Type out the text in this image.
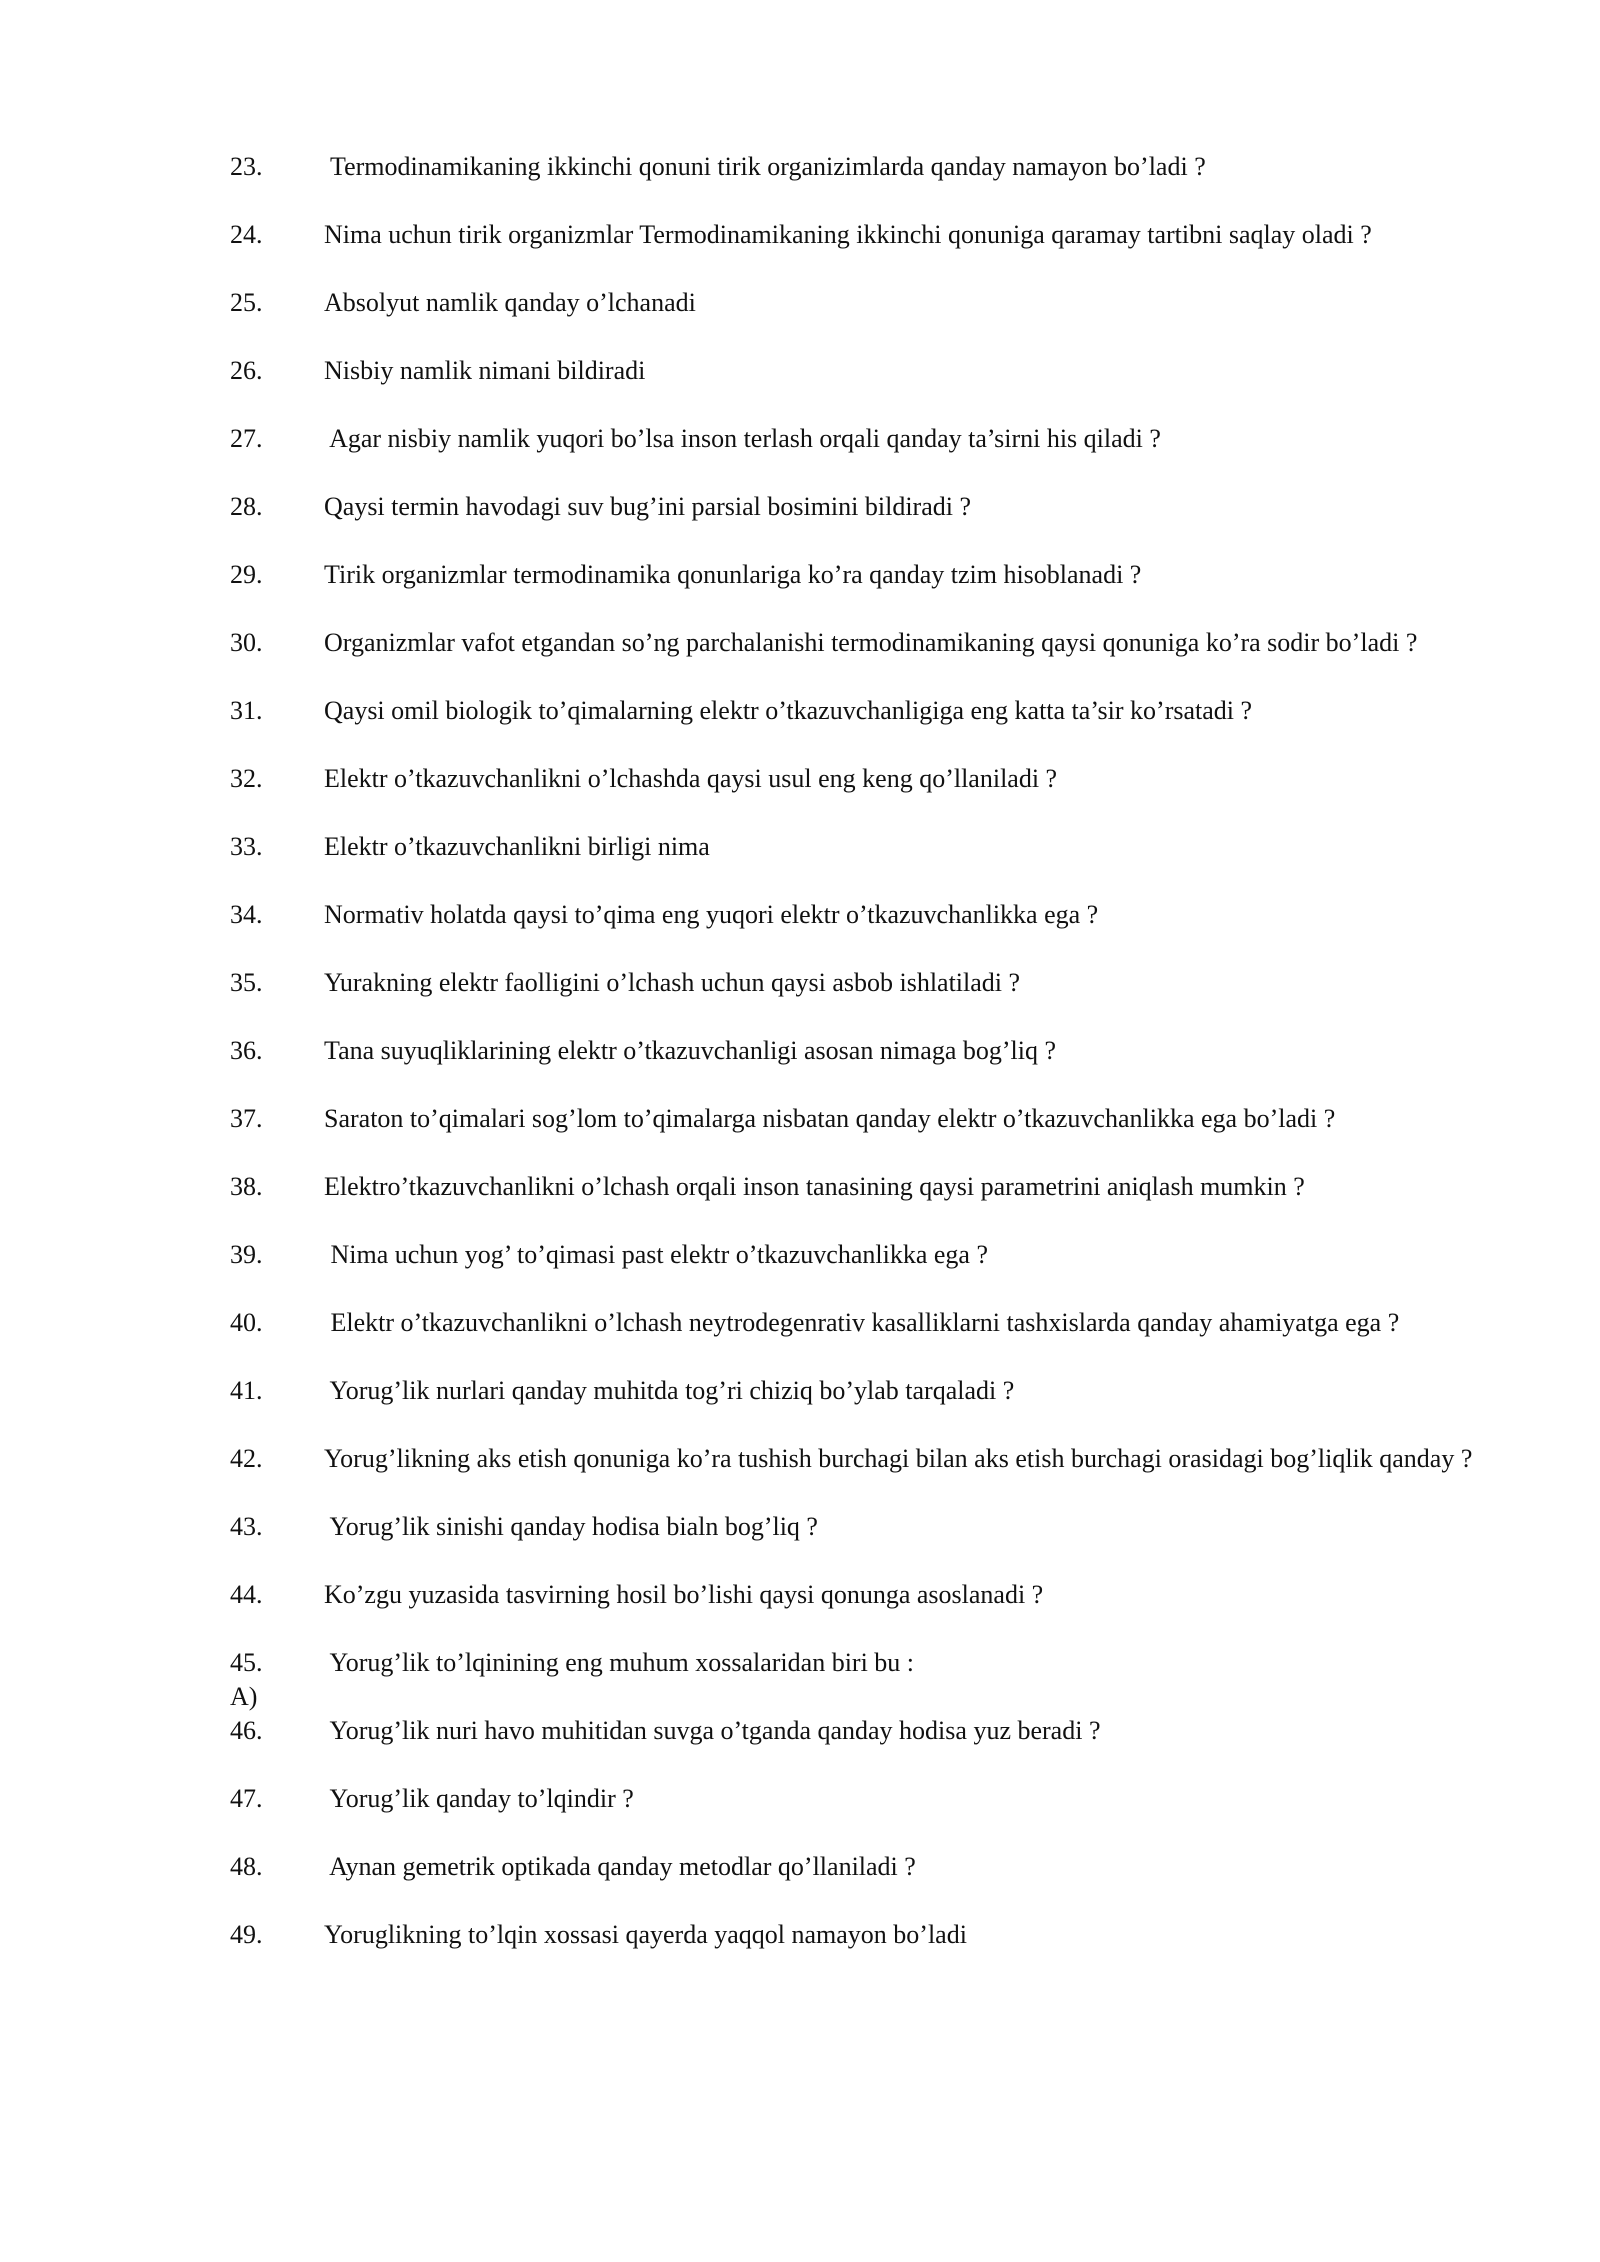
23. Termodinamikaning ikkinchi qonuni tirik organizimlarda qanday namayon bo’ladi ?
24. Nima uchun tirik organizmlar Termodinamikaning ikkinchi qonuniga qaramay tartibni saqlay oladi ?
25. Absolyut namlik qanday o’lchanadi
26. Nisbiy namlik nimani bildiradi
27. Agar nisbiy namlik yuqori bo’lsa inson terlash orqali qanday ta’sirni his qiladi ?
28. Qaysi termin havodagi suv bug’ini parsial bosimini bildiradi ?
29. Tirik organizmlar termodinamika qonunlariga ko’ra qanday tzim hisoblanadi ?
30. Organizmlar vafot etgandan so’ng parchalanishi termodinamikaning qaysi qonuniga ko’ra sodir bo’ladi ?
31. Qaysi omil biologik to’qimalarning elektr o’tkazuvchanligiga eng katta ta’sir ko’rsatadi ?
32. Elektr o’tkazuvchanlikni o’lchashda qaysi usul eng keng qo’llaniladi ?
33. Elektr o’tkazuvchanlikni birligi nima
34. Normativ holatda qaysi to’qima eng yuqori elektr o’tkazuvchanlikka ega ?
35. Yurakning elektr faolligini o’lchash uchun qaysi asbob ishlatiladi ?
36. Tana suyuqliklarining elektr o’tkazuvchanligi asosan nimaga bog’liq ?
37. Saraton to’qimalari sog’lom to’qimalarga nisbatan qanday elektr o’tkazuvchanlikka ega bo’ladi ?
38. Elektro’tkazuvchanlikni o’lchash orqali inson tanasining qaysi parametrini aniqlash mumkin ?
39. Nima uchun yog’ to’qimasi past elektr o’tkazuvchanlikka ega ?
40. Elektr o’tkazuvchanlikni o’lchash neytrodegenrativ kasalliklarni tashxislarda qanday ahamiyatga ega ?
41. Yorug’lik nurlari qanday muhitda tog’ri chiziq bo’ylab tarqaladi ?
42. Yorug’likning aks etish qonuniga ko’ra tushish burchagi bilan aks etish burchagi orasidagi bog’liqlik qanday ?
43. Yorug’lik sinishi qanday hodisa bialn bog’liq ?
44. Ko’zgu yuzasida tasvirning hosil bo’lishi qaysi qonunga asoslanadi ?
45. Yorug’lik to’lqinining eng muhum xossalaridan biri bu :
A)
46. Yorug’lik nuri havo muhitidan suvga o’tganda qanday hodisa yuz beradi ?
47. Yorug’lik qanday to’lqindir ?
48. Aynan gemetrik optikada qanday metodlar qo’llaniladi ?
49. Yoruglikning to’lqin xossasi qayerda yaqqol namayon bo’ladi
